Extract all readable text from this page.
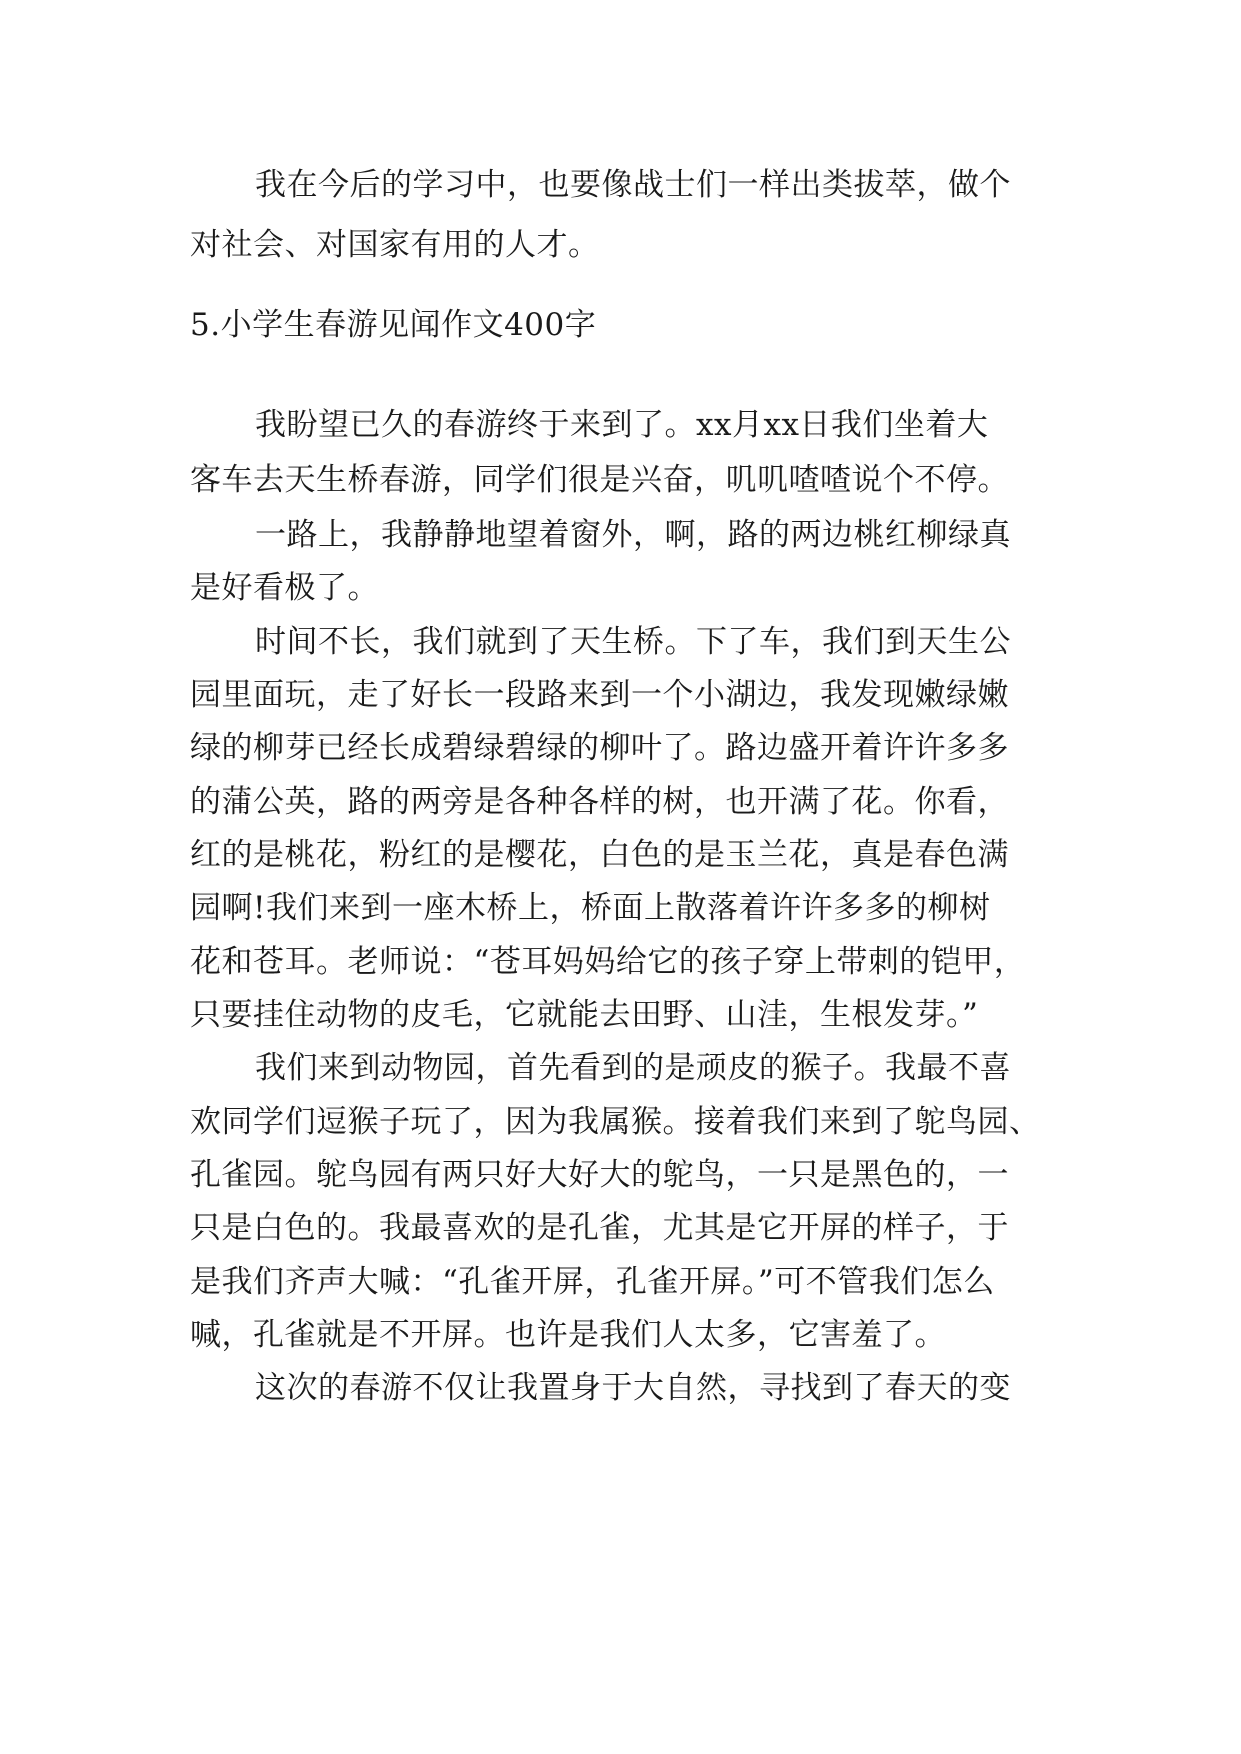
我在今后的学习中，也要像战士们一样出类拔萃，做个

对社会、对国家有用的人才。

5.小学生春游见闻作文400字

我盼望已久的春游终于来到了。xx月xx日我们坐着大

客车去天生桥春游，同学们很是兴奋，叽叽喳喳说个不停。

一路上，我静静地望着窗外，啊，路的两边桃红柳绿真

是好看极了。

时间不长，我们就到了天生桥。下了车，我们到天生公

园里面玩，走了好长一段路来到一个小湖边，我发现嫩绿嫩

绿的柳芽已经长成碧绿碧绿的柳叶了。路边盛开着许许多多

的蒲公英，路的两旁是各种各样的树，也开满了花。你看，

红的是桃花，粉红的是樱花，白色的是玉兰花，真是春色满

园啊!我们来到一座木桥上，桥面上散落着许许多多的柳树

花和苍耳。老师说：“苍耳妈妈给它的孩子穿上带刺的铠甲，

只要挂住动物的皮毛，它就能去田野、山洼，生根发芽。”

我们来到动物园，首先看到的是顽皮的猴子。我最不喜

欢同学们逗猴子玩了，因为我属猴。接着我们来到了鸵鸟园、

孔雀园。鸵鸟园有两只好大好大的鸵鸟，一只是黑色的，一

只是白色的。我最喜欢的是孔雀，尤其是它开屏的样子，于

是我们齐声大喊：“孔雀开屏，孔雀开屏。”可不管我们怎么

喊，孔雀就是不开屏。也许是我们人太多，它害羞了。

这次的春游不仅让我置身于大自然，寻找到了春天的变
